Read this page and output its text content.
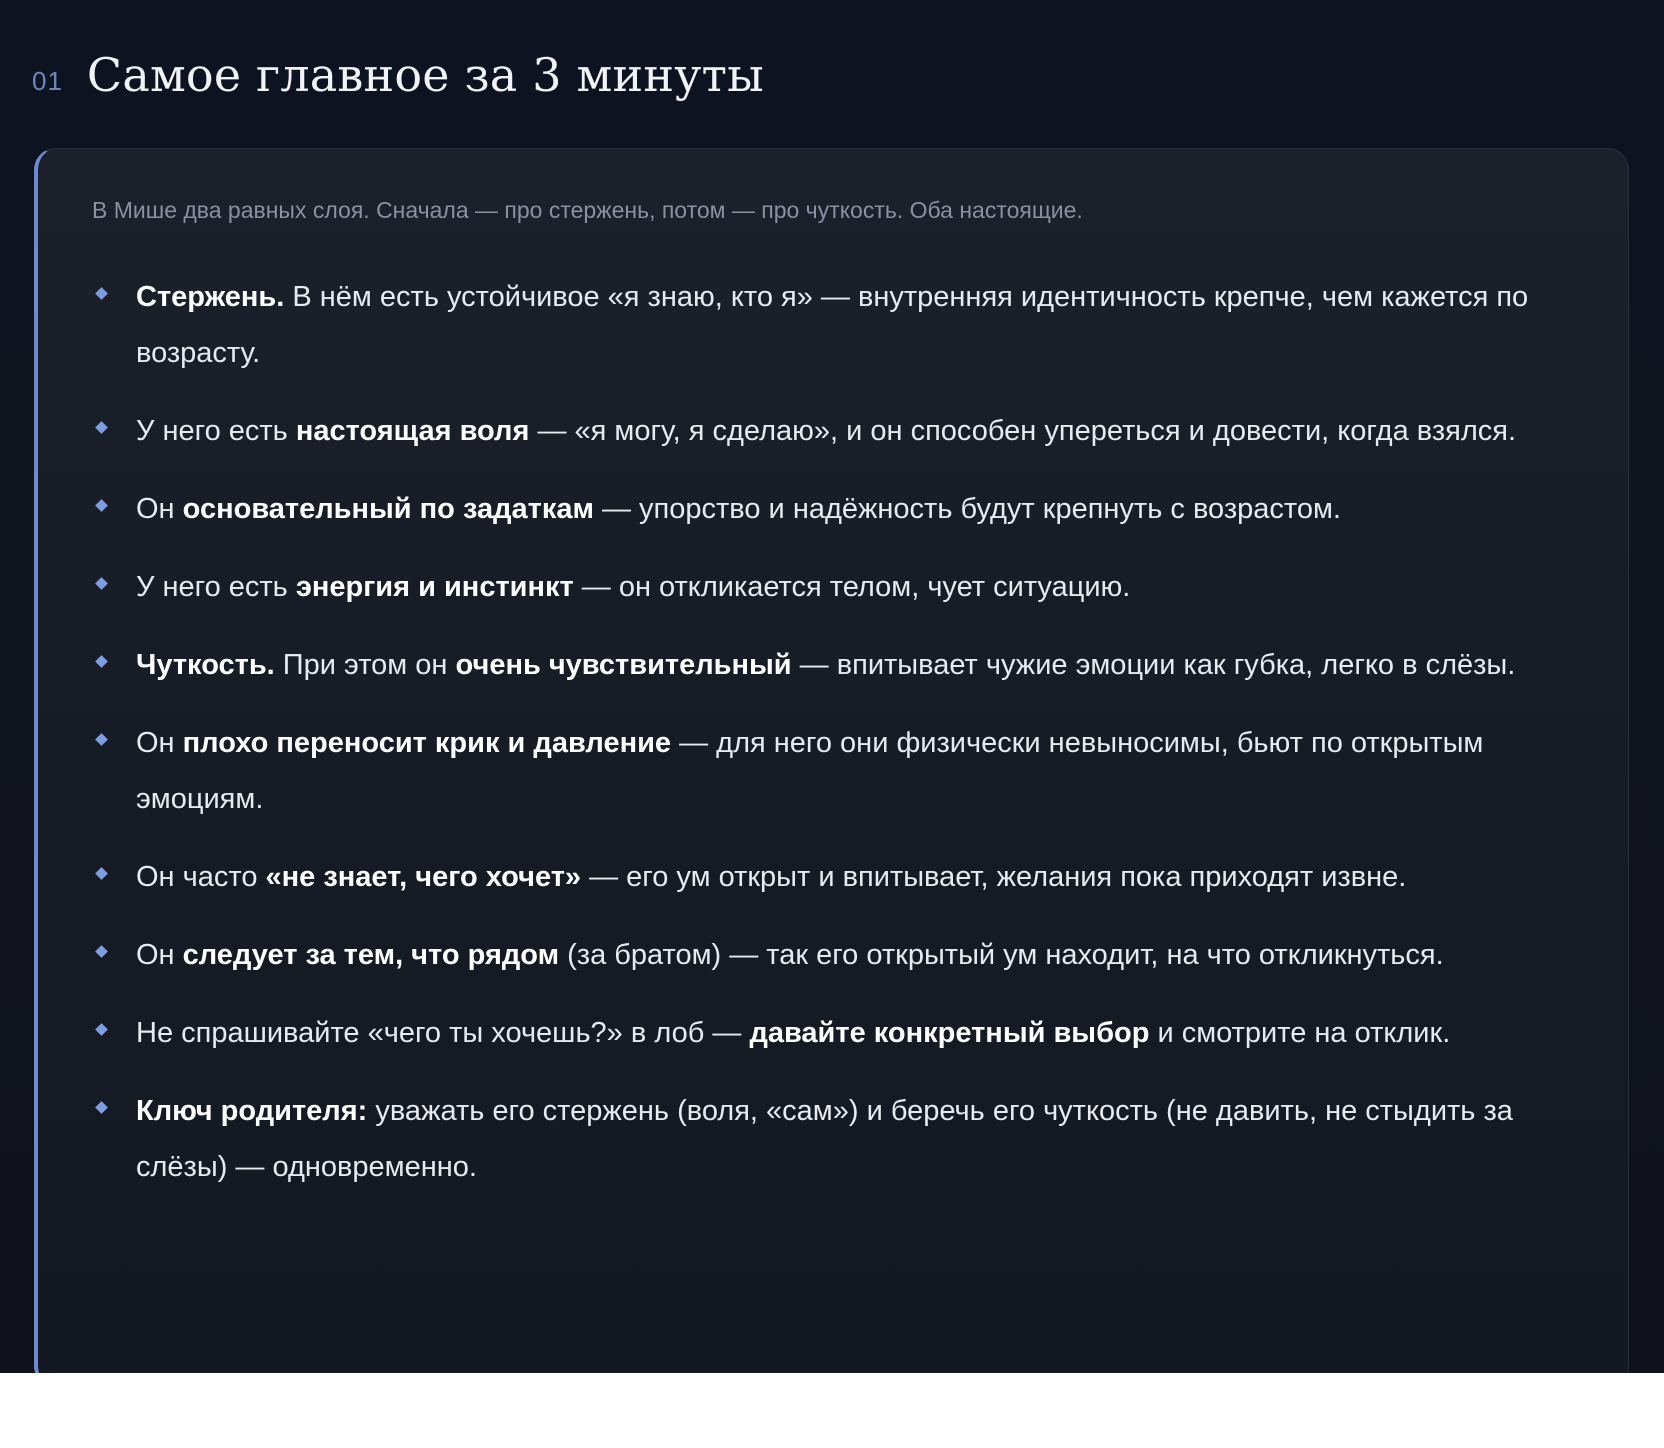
01 Самое главное за 3 минуты

В Мише два равных слоя. Сначала — про стержень, потом — про чуткость. Оба настоящие.

Стержень. В нём есть устойчивое «я знаю, кто я» — внутренняя идентичность крепче, чем кажется по возрасту.
У него есть настоящая воля — «я могу, я сделаю», и он способен упереться и довести, когда взялся.
Он основательный по задаткам — упорство и надёжность будут крепнуть с возрастом.
У него есть энергия и инстинкт — он откликается телом, чует ситуацию.
Чуткость. При этом он очень чувствительный — впитывает чужие эмоции как губка, легко в слёзы.
Он плохо переносит крик и давление — для него они физически невыносимы, бьют по открытым эмоциям.
Он часто «не знает, чего хочет» — его ум открыт и впитывает, желания пока приходят извне.
Он следует за тем, что рядом (за братом) — так его открытый ум находит, на что откликнуться.
Не спрашивайте «чего ты хочешь?» в лоб — давайте конкретный выбор и смотрите на отклик.
Ключ родителя: уважать его стержень (воля, «сам») и беречь его чуткость (не давить, не стыдить за слёзы) — одновременно.
